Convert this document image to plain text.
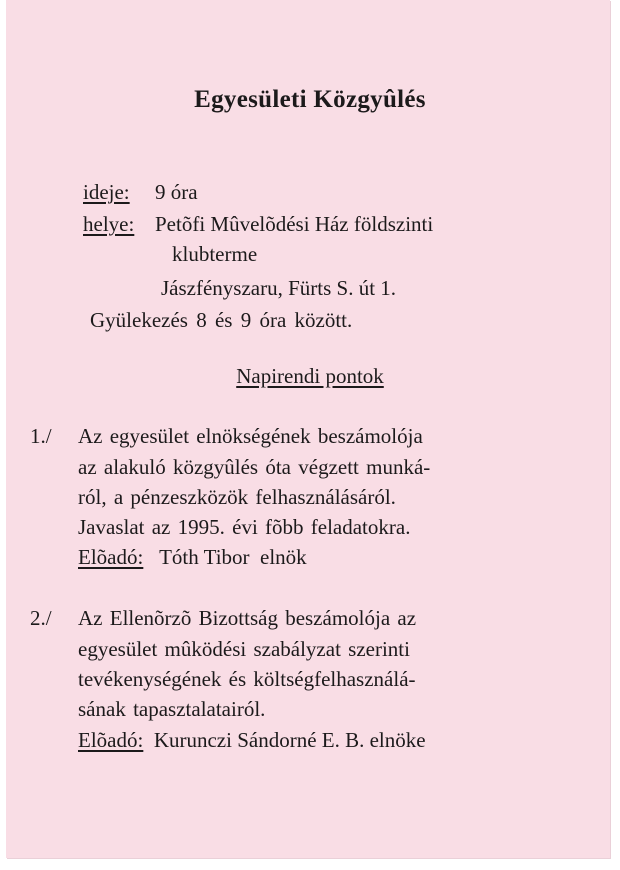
Egyesületi Közgyûlés
ideje: 9 óra
helye: Petõfi Mûvelõdési Ház földszinti
klubterme
Jászfényszaru, Fürts S. út 1.
Gyülekezés 8 és 9 óra között.
Napirendi pontok
1./ Az egyesület elnökségének beszámolója
az alakuló közgyûlés óta végzett munká-
ról, a pénzeszközök felhasználásáról.
Javaslat az 1995. évi fõbb feladatokra.
Elõadó: Tóth Tibor  elnök
2./ Az Ellenõrzõ Bizottság beszámolója az
egyesület mûködési szabályzat szerinti
tevékenységének és költségfelhasználá-
sának tapasztalatairól.
Elõadó: Kurunczi Sándorné E. B. elnöke
